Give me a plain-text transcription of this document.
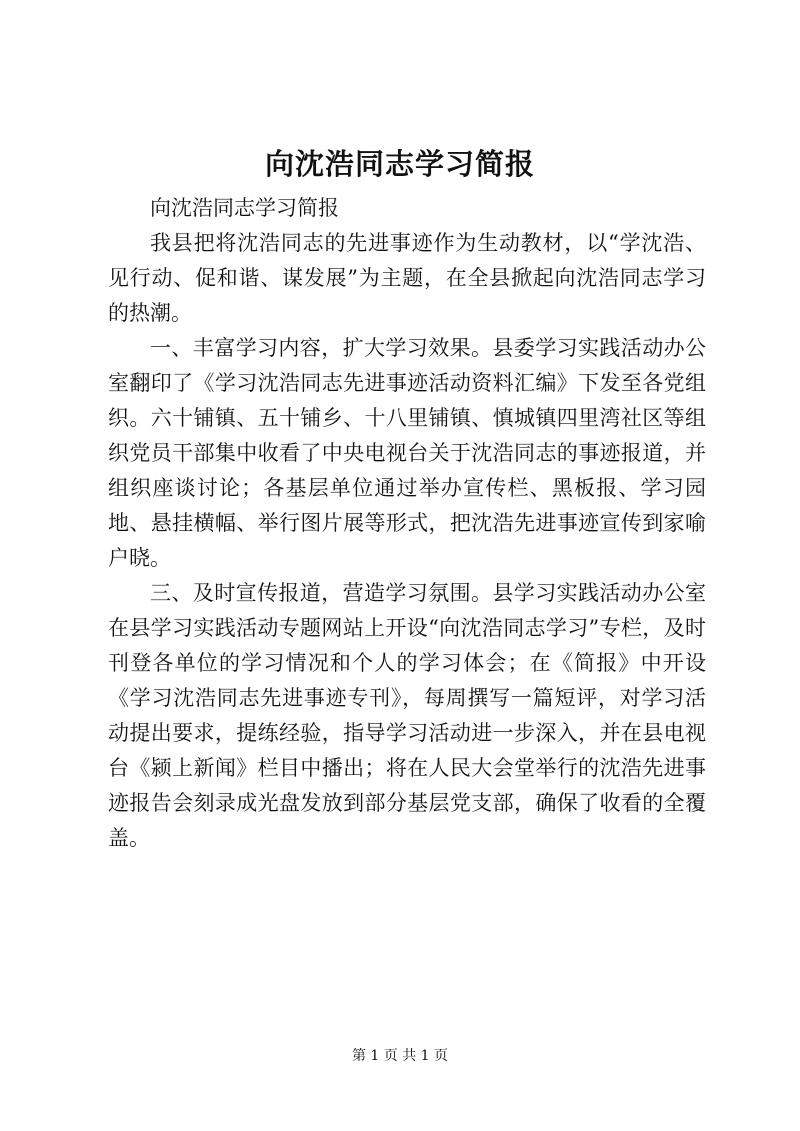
向沈浩同志学习简报

向沈浩同志学习简报

我县把将沈浩同志的先进事迹作为生动教材，以“学沈浩、见行动、促和谐、谋发展”为主题，在全县掀起向沈浩同志学习的热潮。

一、丰富学习内容，扩大学习效果。县委学习实践活动办公室翻印了《学习沈浩同志先进事迹活动资料汇编》下发至各党组织。六十铺镇、五十铺乡、十八里铺镇、慎城镇四里湾社区等组织党员干部集中收看了中央电视台关于沈浩同志的事迹报道，并组织座谈讨论；各基层单位通过举办宣传栏、黑板报、学习园地、悬挂横幅、举行图片展等形式，把沈浩先进事迹宣传到家喻户晓。

三、及时宣传报道，营造学习氛围。县学习实践活动办公室在县学习实践活动专题网站上开设“向沈浩同志学习”专栏，及时刊登各单位的学习情况和个人的学习体会；在《简报》中开设《学习沈浩同志先进事迹专刊》，每周撰写一篇短评，对学习活动提出要求，提练经验，指导学习活动进一步深入，并在县电视台《颍上新闻》栏目中播出；将在人民大会堂举行的沈浩先进事迹报告会刻录成光盘发放到部分基层党支部，确保了收看的全覆盖。

第 1 页 共 1 页
